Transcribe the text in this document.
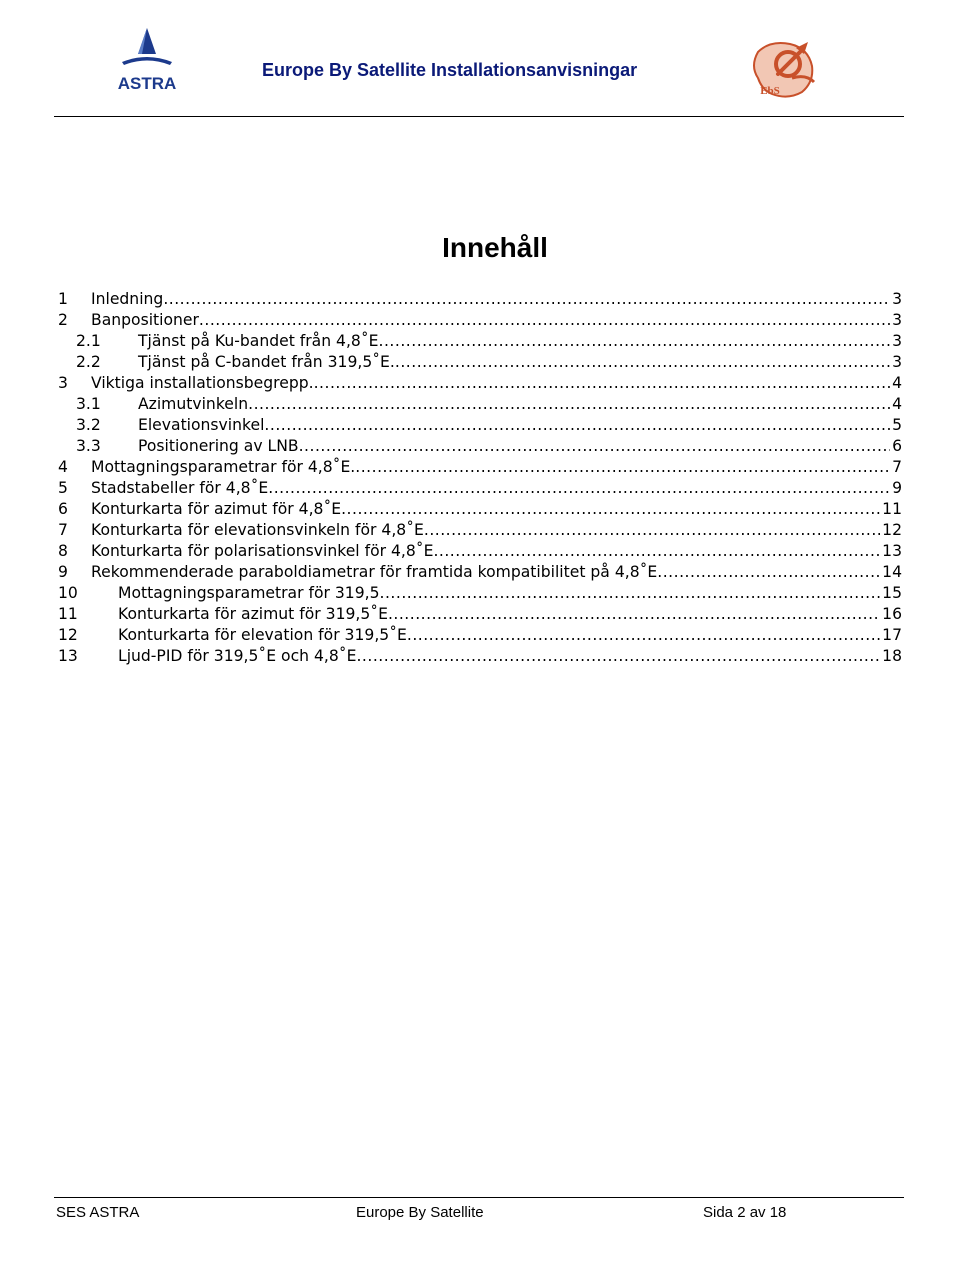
ASTRA
Europe By Satellite Installationsanvisningar
EbS
Innehåll
1 Inledning .....	3
2 Banpositioner .....	3
2.1 Tjänst på Ku-bandet från 4,8˚E .....	3
2.2 Tjänst på C-bandet från 319,5˚E. .....	3
3 Viktiga installationsbegrepp. .....	4
3.1 Azimutvinkeln .....	4
3.2 Elevationsvinkel .....	5
3.3 Positionering av LNB .....	6
4 Mottagningsparametrar för 4,8˚E. .....	7
5 Stadstabeller för 4,8˚E .....	9
6 Konturkarta för azimut för 4,8˚E .....	11
7 Konturkarta för elevationsvinkeln för 4,8˚E .....	12
8 Konturkarta för polarisationsvinkel för 4,8˚E .....	13
9 Rekommenderade paraboldiametrar för framtida kompatibilitet på 4,8˚E .....	14
10	Mottagningsparametrar för 319,5 .....	15
11	Konturkarta för azimut för 319,5˚E .....	16
12	Konturkarta för elevation för 319,5˚E .....	17
13	Ljud-PID för 319,5˚E och 4,8˚E .....	18
SES ASTRA	Europe By Satellite	Sida 2 av 18
